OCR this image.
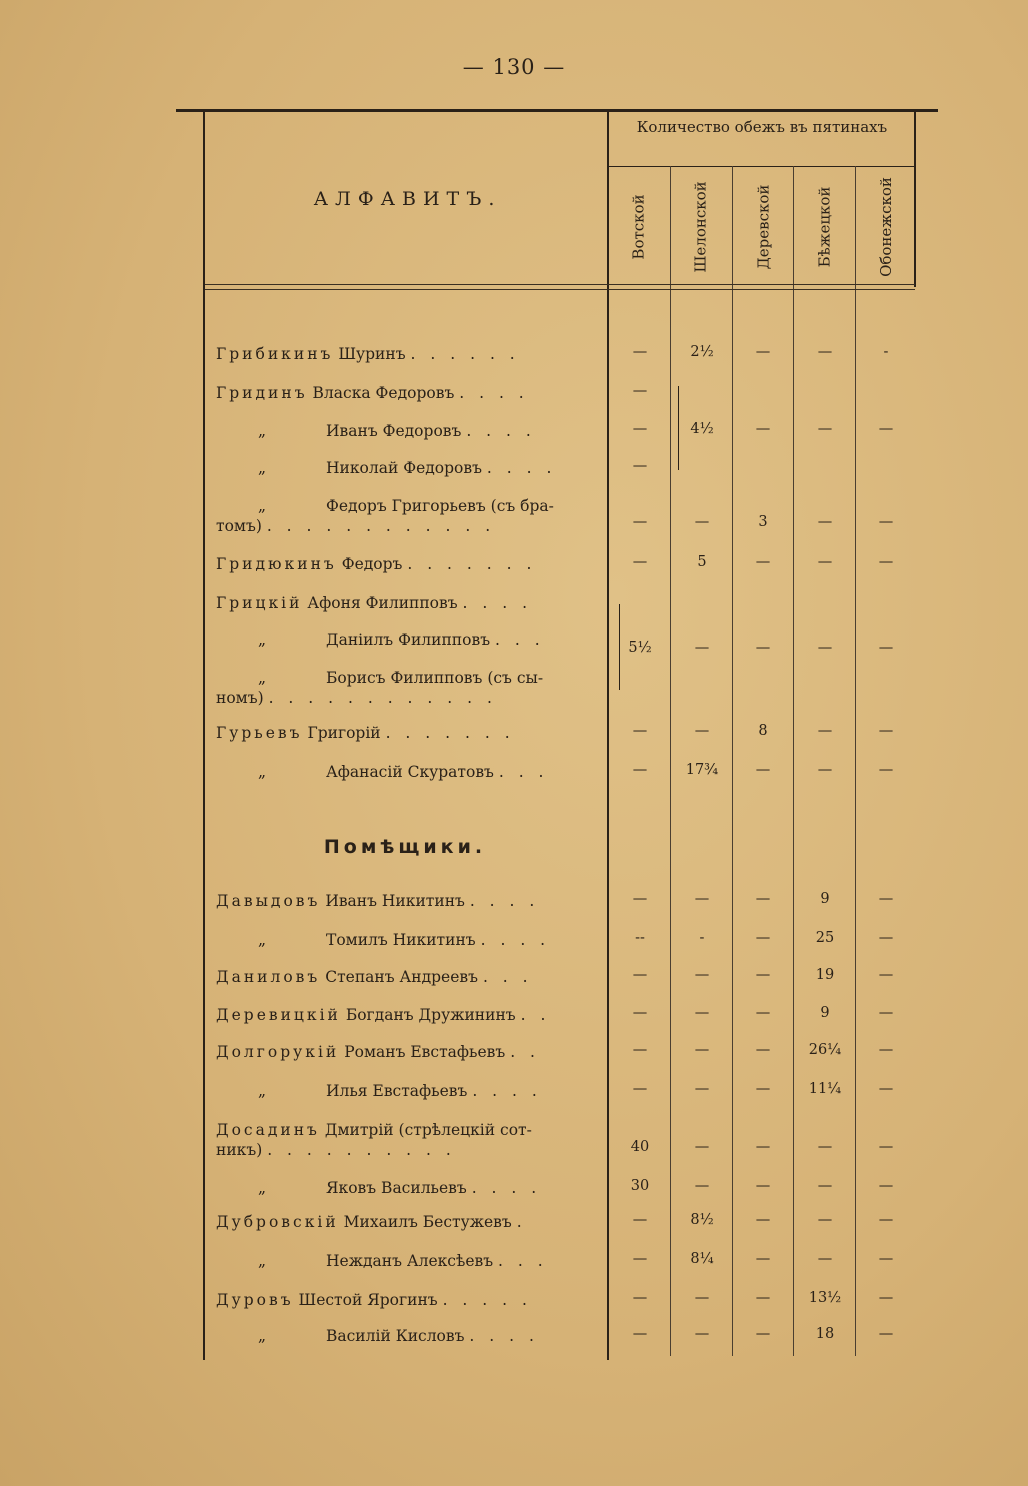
— 130 —
АЛФАВИТЪ.
Количество обежъ въ пятинахъ
Вотской	Шелонской	Деревской	Бѣжецкой	Обонежской
Помѣщики.
Грибикинъ Шуринъ . . . . . .	—	2½	—	—	-
Гридинъ Власка Федоровъ . . . .	—
„	Иванъ Федоровъ . . . .	—	4½	—	—	—
„	Николай Федоровъ . . . .	—
„	Федоръ Григорьевъ (съ бра-
томъ) . . . . . . . . . . . .	—	—	3	—	—
Гридюкинъ Федоръ . . . . . . .	—	5	—	—	—
Грицкій Афоня Филипповъ . . . .
„	Даніилъ Филипповъ . . .	5½	—	—	—	—
„	Борисъ Филипповъ (съ сы-
номъ) . . . . . . . . . . . .
Гурьевъ Григорій . . . . . . .	—	—	8	—	—
„	Афанасій Скуратовъ . . .	—	17¾	—	—	—
Давыдовъ Иванъ Никитинъ . . . .	—	—	—	9	—
„	Томилъ Никитинъ . . . .	--	-	—	25	—
Даниловъ Степанъ Андреевъ . . .	—	—	—	19	—
Деревицкій Богданъ Дружининъ . .	—	—	—	9	—
Долгорукій Романъ Евстафьевъ . .	—	—	—	26¼	—
„	Илья Евстафьевъ . . . .	—	—	—	11¼	—
Досадинъ Дмитрій (стрѣлецкій сот-
никъ) . . . . . . . . . .	40	—	—	—	—
„	Яковъ Васильевъ . . . .	30	—	—	—	—
Дубровскій Михаилъ Бестужевъ .	—	8½	—	—	—
„	Нежданъ Алексѣевъ . . .	—	8¼	—	—	—
Дуровъ Шестой Ярогинъ . . . . .	—	—	—	13½	—
„	Василій Кисловъ . . . .	—	—	—	18	—
